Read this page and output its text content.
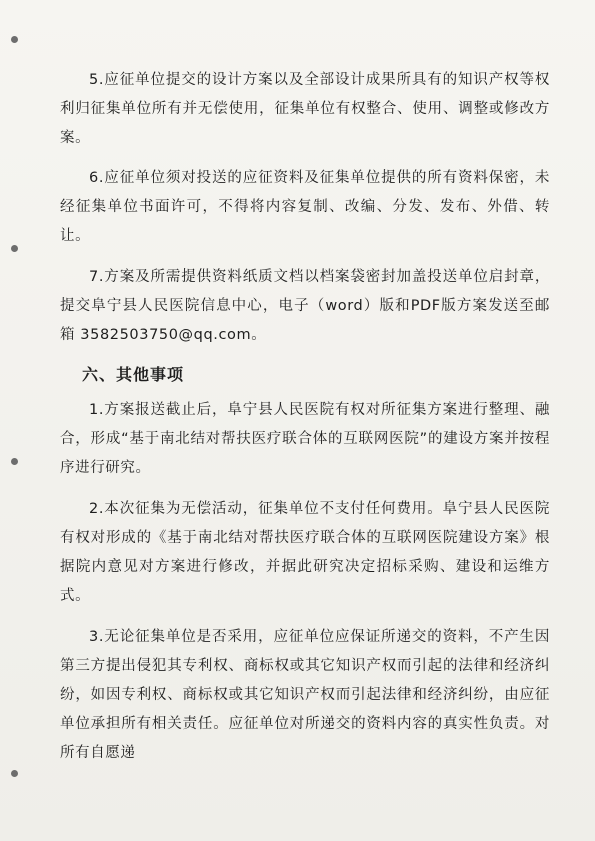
5.应征单位提交的设计方案以及全部设计成果所具有的知识产权等权利归征集单位所有并无偿使用，征集单位有权整合、使用、调整或修改方案。

6.应征单位须对投送的应征资料及征集单位提供的所有资料保密，未经征集单位书面许可，不得将内容复制、改编、分发、发布、外借、转让。

7.方案及所需提供资料纸质文档以档案袋密封加盖投送单位启封章，提交阜宁县人民医院信息中心，电子（word）版和PDF版方案发送至邮箱 3582503750@qq.com。

六、其他事项

1.方案报送截止后，阜宁县人民医院有权对所征集方案进行整理、融合，形成“基于南北结对帮扶医疗联合体的互联网医院”的建设方案并按程序进行研究。

2.本次征集为无偿活动，征集单位不支付任何费用。阜宁县人民医院有权对形成的《基于南北结对帮扶医疗联合体的互联网医院建设方案》根据院内意见对方案进行修改，并据此研究决定招标采购、建设和运维方式。

3.无论征集单位是否采用，应征单位应保证所递交的资料，不产生因第三方提出侵犯其专利权、商标权或其它知识产权而引起的法律和经济纠纷，如因专利权、商标权或其它知识产权而引起法律和经济纠纷，由应征单位承担所有相关责任。应征单位对所递交的资料内容的真实性负责。对所有自愿递
